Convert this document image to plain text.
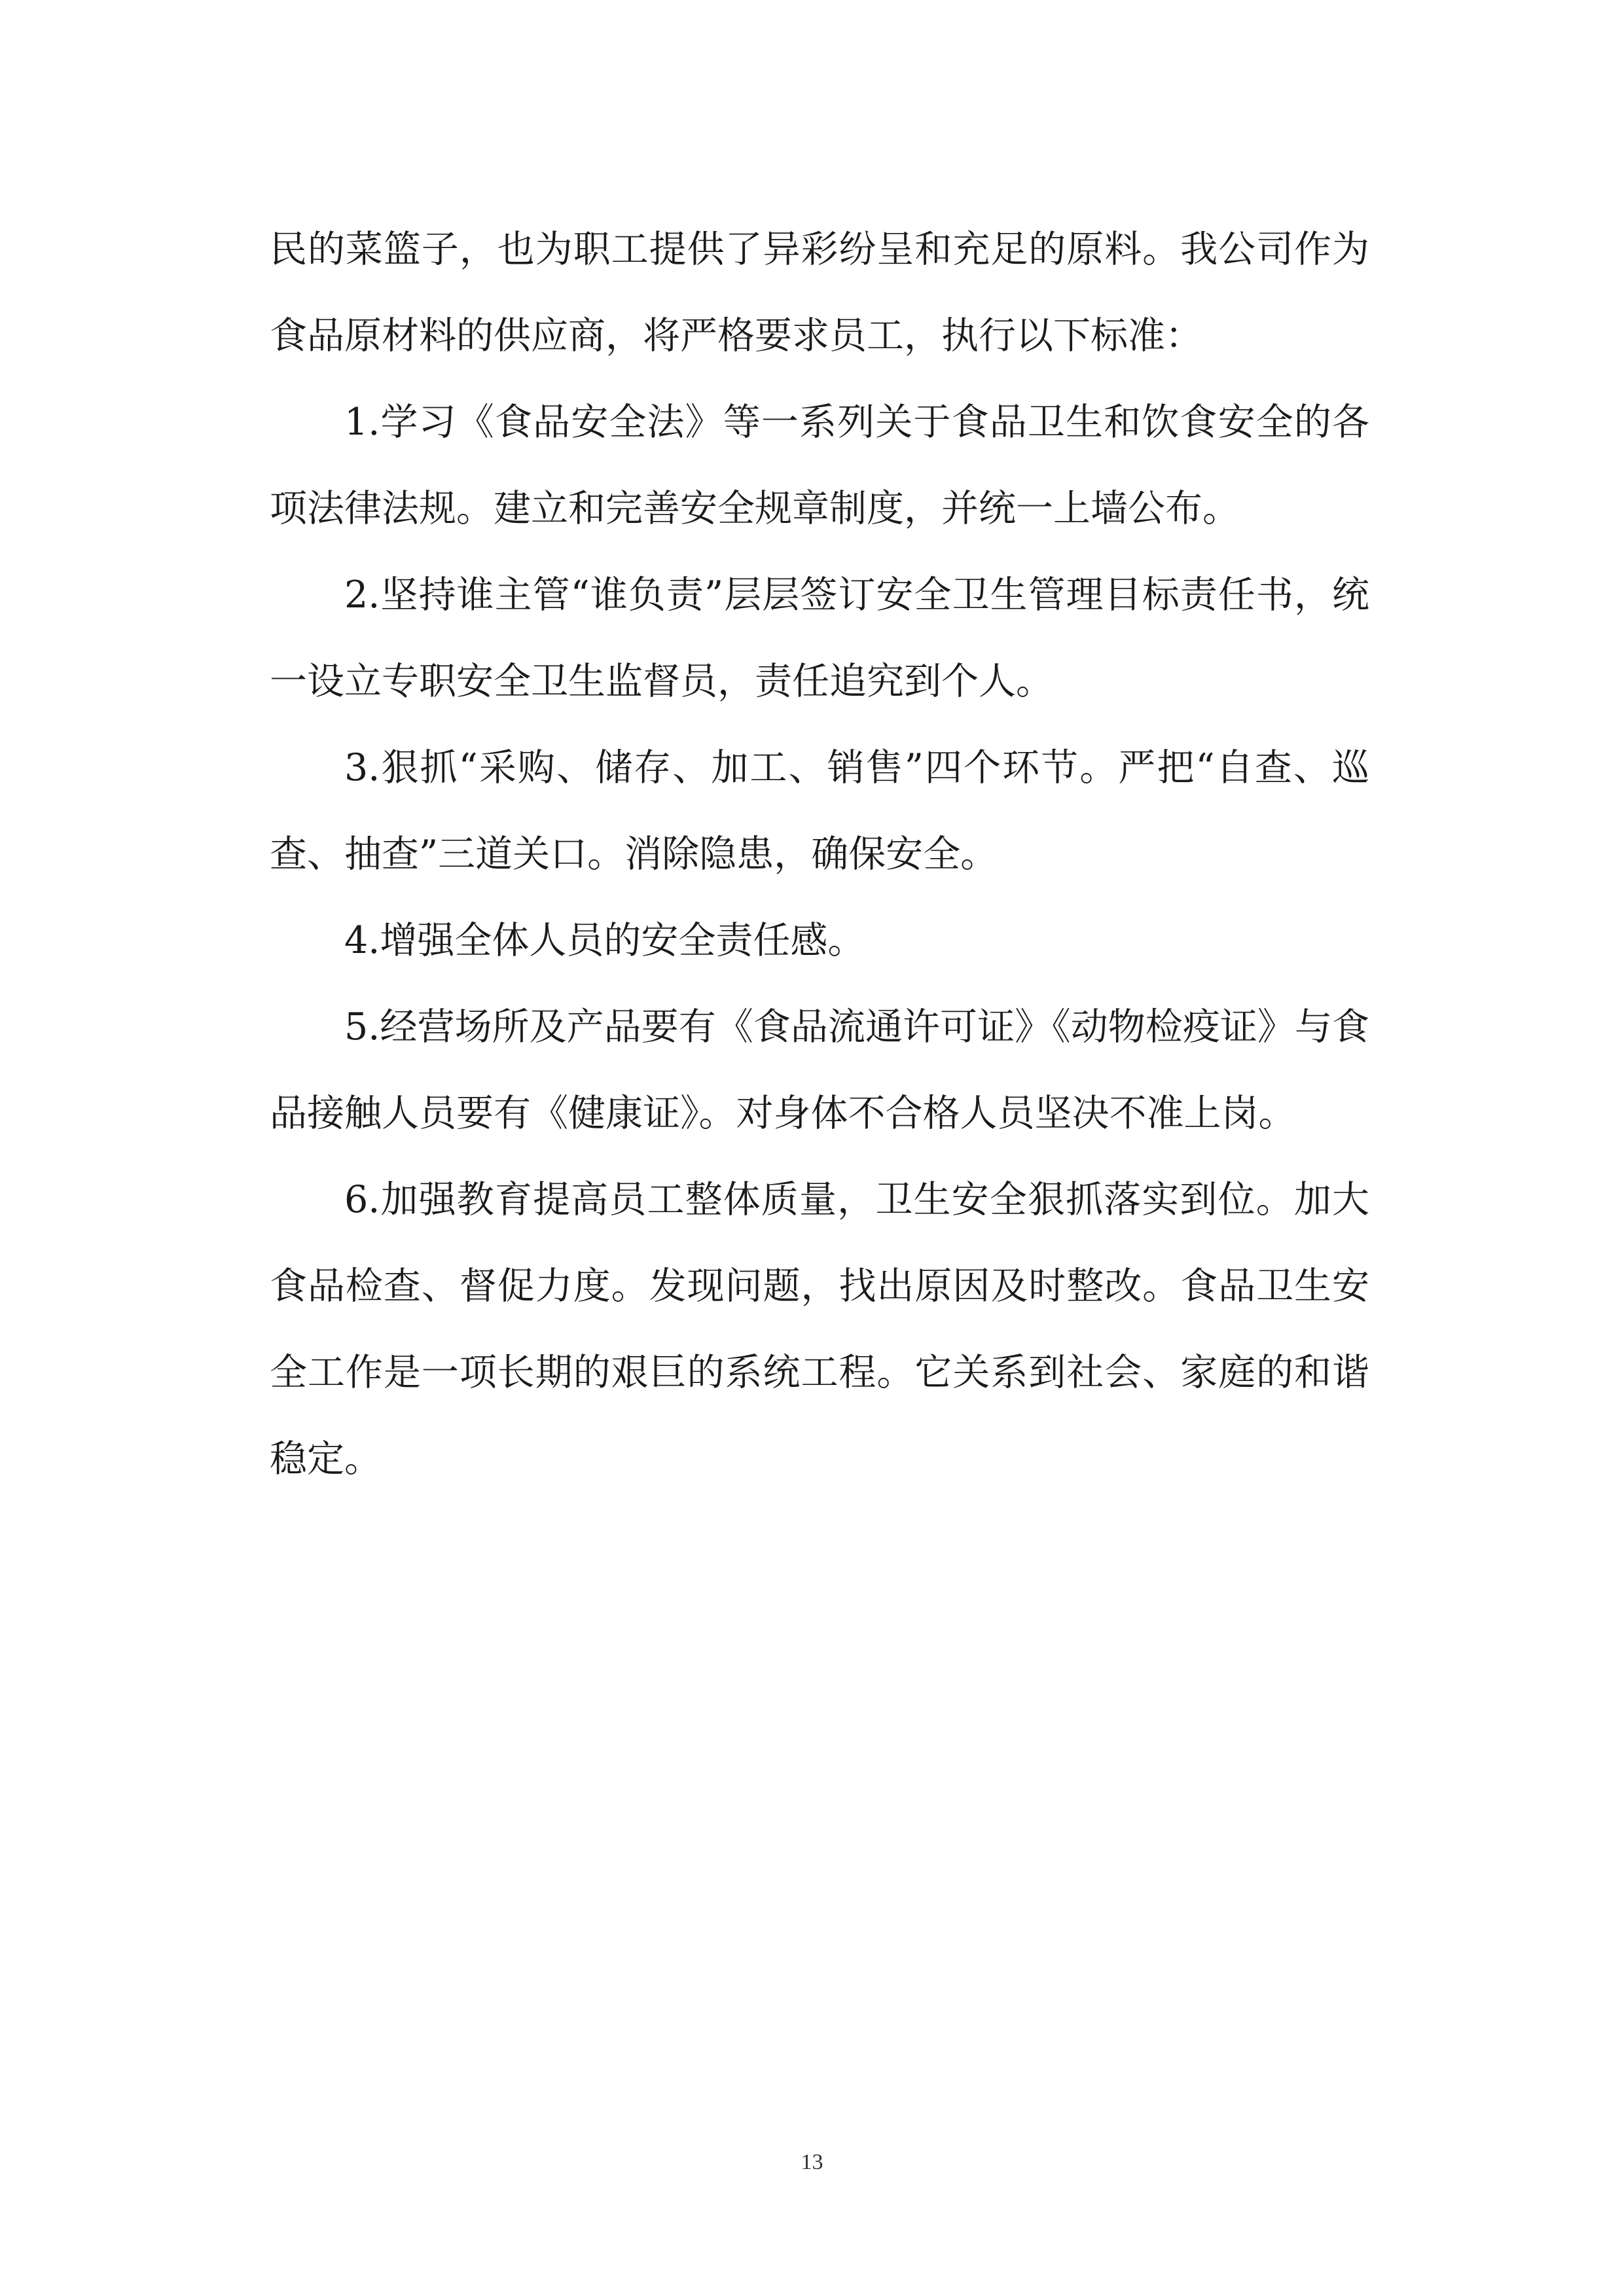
民的菜篮子，也为职工提供了异彩纷呈和充足的原料。我公司作为食品原材料的供应商，将严格要求员工，执行以下标准：

1.学习《食品安全法》等一系列关于食品卫生和饮食安全的各项法律法规。建立和完善安全规章制度，并统一上墙公布。

2.坚持谁主管“谁负责”层层签订安全卫生管理目标责任书，统一设立专职安全卫生监督员，责任追究到个人。

3.狠抓“采购、储存、加工、销售”四个环节。严把“自查、巡查、抽查”三道关口。消除隐患，确保安全。

4.增强全体人员的安全责任感。

5.经营场所及产品要有《食品流通许可证》《动物检疫证》与食品接触人员要有《健康证》。对身体不合格人员坚决不准上岗。

6.加强教育提高员工整体质量，卫生安全狠抓落实到位。加大食品检查、督促力度。发现问题，找出原因及时整改。食品卫生安全工作是一项长期的艰巨的系统工程。它关系到社会、家庭的和谐稳定。

13
